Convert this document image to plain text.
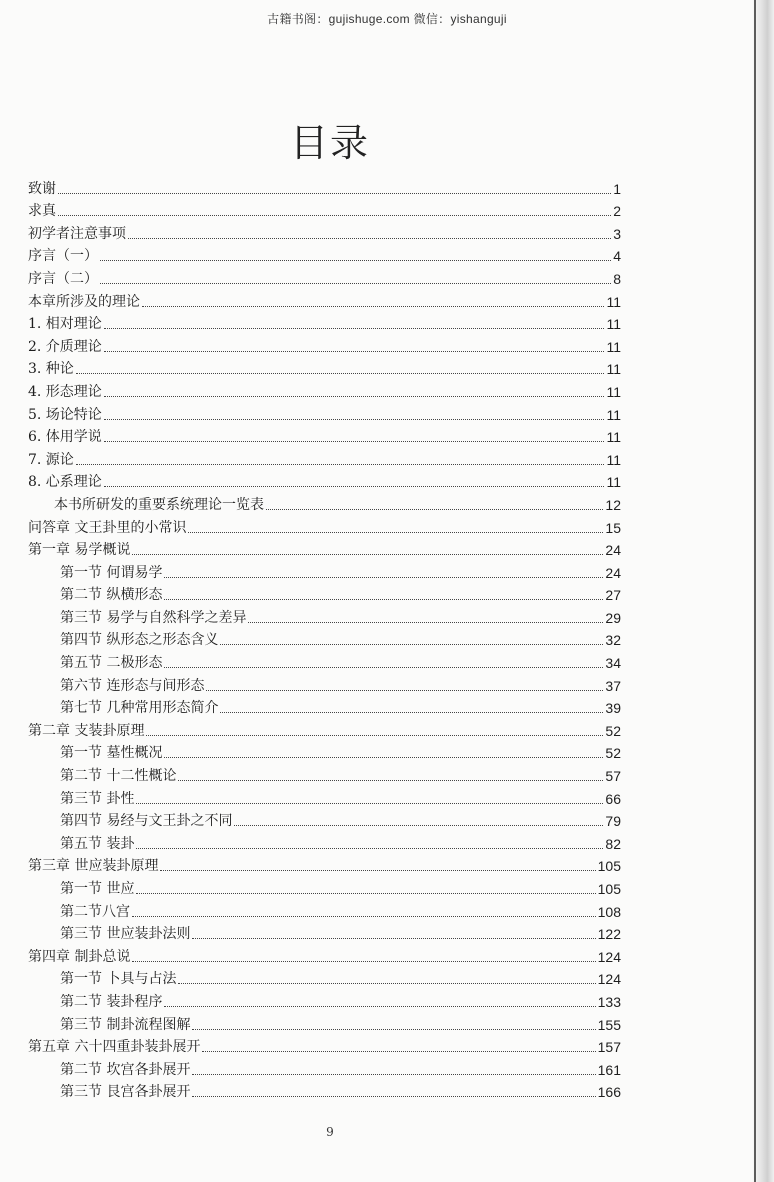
古籍书阁：gujishuge.com 微信：yishanguji
目录
致谢	1
求真	2
初学者注意事项	3
序言（一）	4
序言（二）	8
本章所涉及的理论	11
1. 相对理论	11
2. 介质理论	11
3. 种论	11
4. 形态理论	11
5. 场论特论	11
6. 体用学说	11
7. 源论	11
8. 心系理论	11
本书所研发的重要系统理论一览表	12
问答章 文王卦里的小常识	15
第一章 易学概说	24
第一节 何谓易学	24
第二节 纵横形态	27
第三节 易学与自然科学之差异	29
第四节 纵形态之形态含义	32
第五节 二极形态	34
第六节 连形态与间形态	37
第七节 几种常用形态简介	39
第二章 支装卦原理	52
第一节 墓性概况	52
第二节 十二性概论	57
第三节 卦性	66
第四节 易经与文王卦之不同	79
第五节 装卦	82
第三章 世应装卦原理	105
第一节 世应	105
第二节八宫	108
第三节 世应装卦法则	122
第四章 制卦总说	124
第一节 卜具与占法	124
第二节 装卦程序	133
第三节 制卦流程图解	155
第五章 六十四重卦装卦展开	157
第二节 坎宫各卦展开	161
第三节 艮宫各卦展开	166
9
